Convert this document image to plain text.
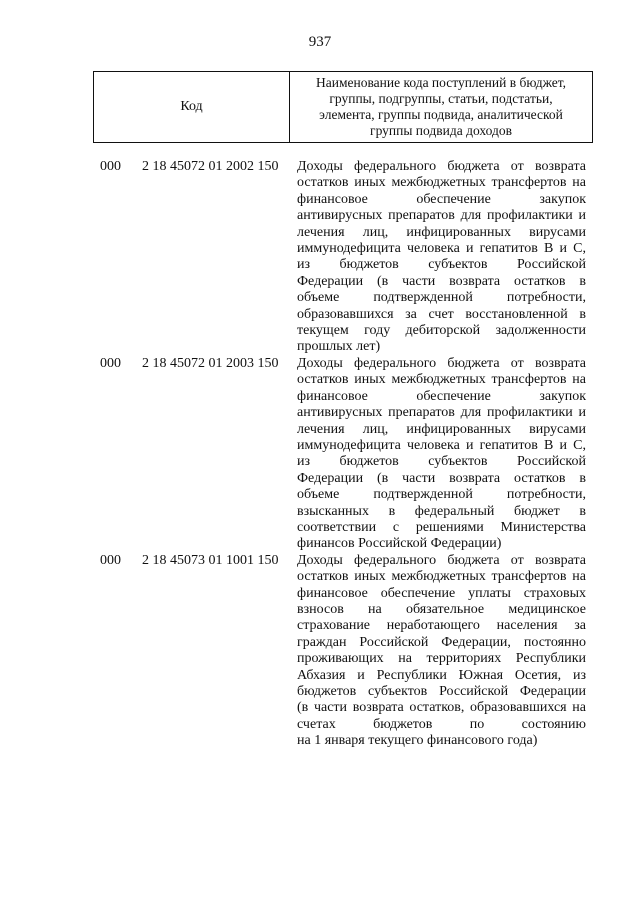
937
Код
Наименование кода поступлений в бюджет,
группы, подгруппы, статьи, подстатьи,
элемента, группы подвида, аналитической
группы подвида доходов
000 2 18 45072 01 2002 150 Доходы федерального бюджета от возврата
остатков иных межбюджетных трансфертов на
финансовое обеспечение закупок
антивирусных препаратов для профилактики и
лечения лиц, инфицированных вирусами
иммунодефицита человека и гепатитов В и С,
из бюджетов субъектов Российской
Федерации (в части возврата остатков в
объеме подтвержденной потребности,
образовавшихся за счет восстановленной в
текущем году дебиторской задолженности
прошлых лет)
000 2 18 45072 01 2003 150 Доходы федерального бюджета от возврата
остатков иных межбюджетных трансфертов на
финансовое обеспечение закупок
антивирусных препаратов для профилактики и
лечения лиц, инфицированных вирусами
иммунодефицита человека и гепатитов В и С,
из бюджетов субъектов Российской
Федерации (в части возврата остатков в
объеме подтвержденной потребности,
взысканных в федеральный бюджет в
соответствии с решениями Министерства
финансов Российской Федерации)
000 2 18 45073 01 1001 150 Доходы федерального бюджета от возврата
остатков иных межбюджетных трансфертов на
финансовое обеспечение уплаты страховых
взносов на обязательное медицинское
страхование неработающего населения за
граждан Российской Федерации, постоянно
проживающих на территориях Республики
Абхазия и Республики Южная Осетия, из
бюджетов субъектов Российской Федерации
(в части возврата остатков, образовавшихся на
счетах бюджетов по состоянию
на 1 января текущего финансового года)
